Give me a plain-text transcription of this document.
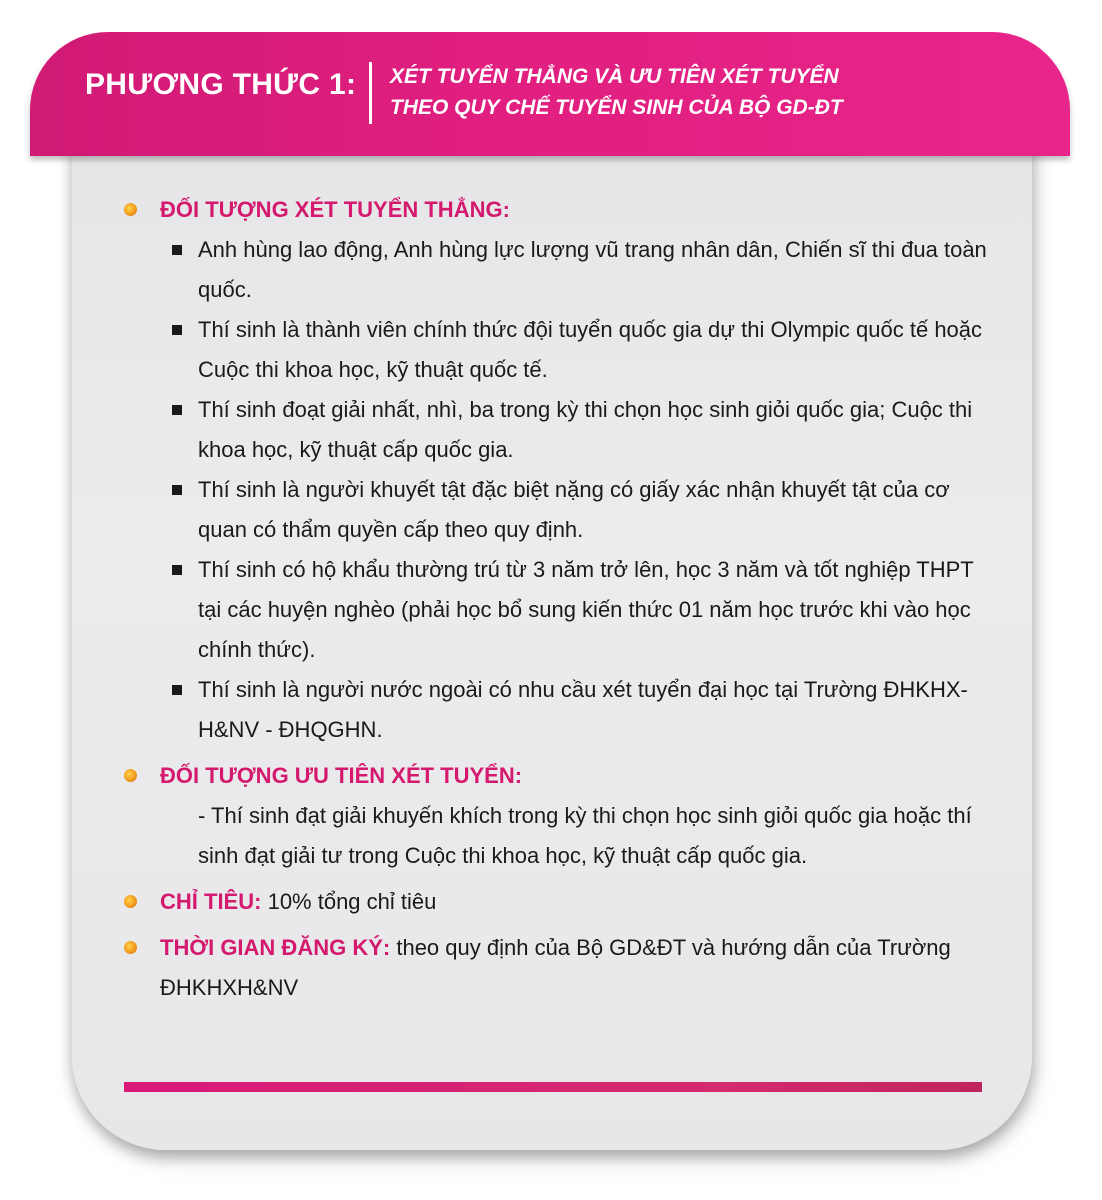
PHƯƠNG THỨC 1: XÉT TUYỂN THẲNG VÀ ƯU TIÊN XÉT TUYỂN
THEO QUY CHẾ TUYỂN SINH CỦA BỘ GD-ĐT
ĐỐI TƯỢNG XÉT TUYỂN THẲNG:
Anh hùng lao động, Anh hùng lực lượng vũ trang nhân dân, Chiến sĩ thi đua toàn quốc.
Thí sinh là thành viên chính thức đội tuyển quốc gia dự thi Olympic quốc tế hoặc Cuộc thi khoa học, kỹ thuật quốc tế.
Thí sinh đoạt giải nhất, nhì, ba trong kỳ thi chọn học sinh giỏi quốc gia; Cuộc thi khoa học, kỹ thuật cấp quốc gia.
Thí sinh là người khuyết tật đặc biệt nặng có giấy xác nhận khuyết tật của cơ quan có thẩm quyền cấp theo quy định.
Thí sinh có hộ khẩu thường trú từ 3 năm trở lên, học 3 năm và tốt nghiệp THPT tại các huyện nghèo (phải học bổ sung kiến thức 01 năm học trước khi vào học chính thức).
Thí sinh là người nước ngoài có nhu cầu xét tuyển đại học tại Trường ĐHKHX-H&NV - ĐHQGHN.
ĐỐI TƯỢNG ƯU TIÊN XÉT TUYỂN:
- Thí sinh đạt giải khuyến khích trong kỳ thi chọn học sinh giỏi quốc gia hoặc thí sinh đạt giải tư trong Cuộc thi khoa học, kỹ thuật cấp quốc gia.
CHỈ TIÊU: 10% tổng chỉ tiêu
THỜI GIAN ĐĂNG KÝ: theo quy định của Bộ GD&ĐT và hướng dẫn của Trường ĐHKHXH&NV
